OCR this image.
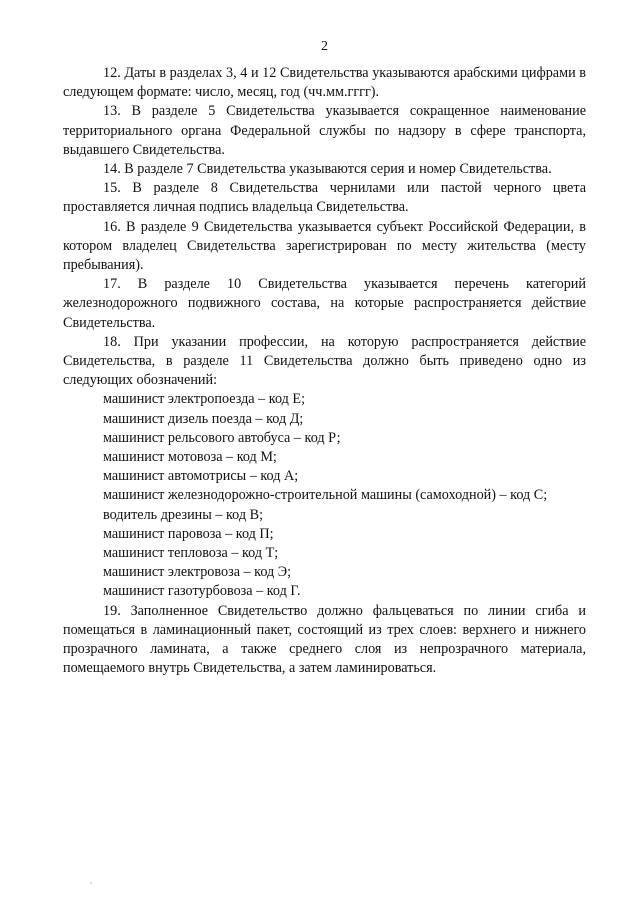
2

12. Даты в разделах 3, 4 и 12 Свидетельства указываются арабскими цифрами в следующем формате: число, месяц, год (чч.мм.гггг).

13. В разделе 5 Свидетельства указывается сокращенное наименование территориального органа Федеральной службы по надзору в сфере транспорта, выдавшего Свидетельства.

14. В разделе 7 Свидетельства указываются серия и номер Свидетельства.

15. В разделе 8 Свидетельства чернилами или пастой черного цвета проставляется личная подпись владельца Свидетельства.

16. В разделе 9 Свидетельства указывается субъект Российской Федерации, в котором владелец Свидетельства зарегистрирован по месту жительства (месту пребывания).

17. В разделе 10 Свидетельства указывается перечень категорий железнодорожного подвижного состава, на которые распространяется действие Свидетельства.

18. При указании профессии, на которую распространяется действие Свидетельства, в разделе 11 Свидетельства должно быть приведено одно из следующих обозначений:

машинист электропоезда – код Е;
машинист дизель поезда – код Д;
машинист рельсового автобуса – код Р;
машинист мотовоза – код М;
машинист автомотрисы – код А;
машинист железнодорожно-строительной машины (самоходной) – код С;
водитель дрезины – код В;
машинист паровоза – код П;
машинист тепловоза – код Т;
машинист электровоза – код Э;
машинист газотурбовоза – код Г.

19. Заполненное Свидетельство должно фальцеваться по линии сгиба и помещаться в ламинационный пакет, состоящий из трех слоев: верхнего и нижнего прозрачного ламината, а также среднего слоя из непрозрачного материала, помещаемого внутрь Свидетельства, а затем ламинироваться.
